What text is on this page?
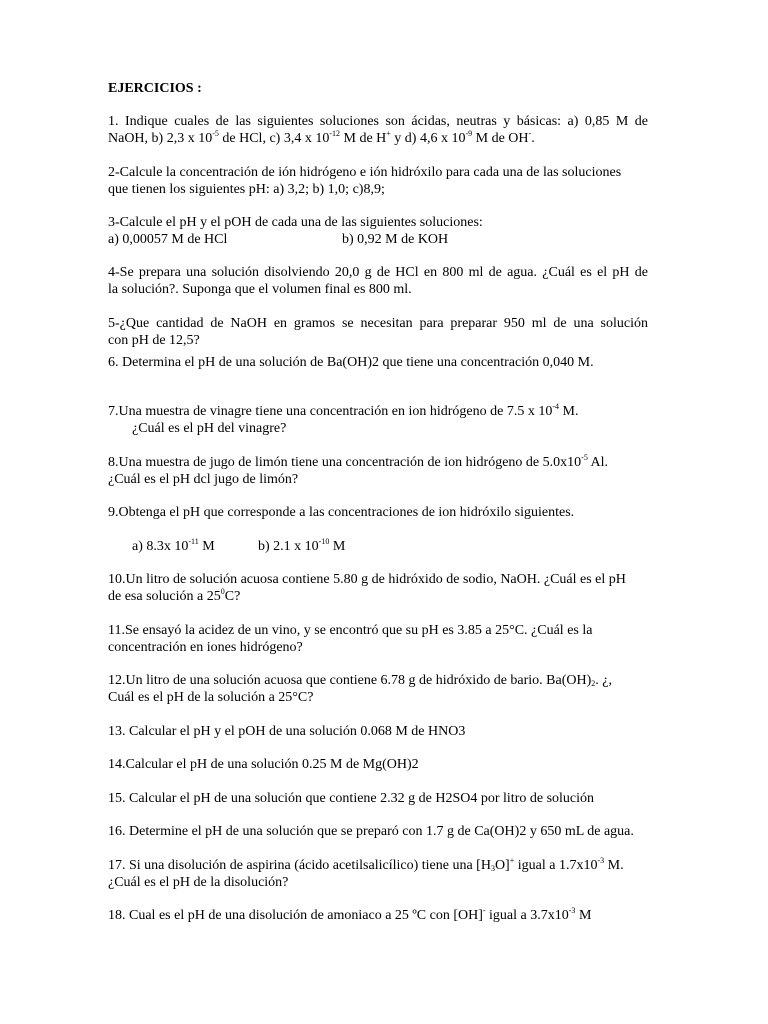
EJERCICIOS :

1. Indique cuales de las siguientes soluciones son ácidas, neutras y básicas: a) 0,85 M de
NaOH, b) 2,3 x $10^{-5}$ de HCl, c) 3,4 x $10^{-12}$ M de H+ y d) 4,6 x $10^{-9}$ M de OH-.
2-Calcule la concentración de ión hidrógeno e ión hidróxilo para cada una de las soluciones
que tienen los siguientes pH: a) 3,2; b) 1,0; c)8,9;
3-Calcule el pH y el pOH de cada una de las siguientes soluciones:
a) 0,00057 M de HCl	b) 0,92 M de KOH
4-Se prepara una solución disolviendo 20,0 g de HCl en 800 ml de agua. ¿Cuál es el pH de
la solución?. Suponga que el volumen final es 800 ml.
5-¿Que cantidad de NaOH en gramos se necesitan para preparar 950 ml de una solución
con pH de 12,5?

6. Determina el pH de una solución de Ba(OH)2 que tiene una concentración 0,040 M.

7.Una muestra de vinagre tiene una concentración en ion hidrógeno de 7.5 x $10^{-4}$ M.
¿Cuál es el pH del vinagre?
8.Una muestra de jugo de limón tiene una concentración de ion hidrógeno de $5.0x10^{-5}$ Al.
¿Cuál es el pH dcl jugo de limón?
9.Obtenga el pH que corresponde a las concentraciones de ion hidróxilo siguientes.
a) 8.3x $10^{-11}$ M	b) 2.1 x $10^{-10}$ M
10.Un litro de solución acuosa contiene 5.80 g de hidróxido de sodio, NaOH. ¿Cuál es el pH
de esa solución a $25^0C$?
11.Se ensayó la acidez de un vino, y se encontró que su pH es 3.85 a 25°C. ¿Cuál es la
concentración en iones hidrógeno?
12.Un litro de una solución acuosa que contiene 6.78 g de hidróxido de bario. $Ba(OH)_2$. ¿,
Cuál es el pH de la solución a 25°C?

13. Calcular el pH y el pOH de una solución 0.068 M de HNO3

14.Calcular el pH de una solución 0.25 M de Mg(OH)2

15. Calcular el pH de una solución que contiene 2.32 g de H2SO4 por litro de solución

16. Determine el pH de una solución que se preparó con 1.7 g de Ca(OH)2 y 650 mL de agua.

17. Si una disolución de aspirina (ácido acetilsalicílico) tiene una $[H_3O]^+$ igual a $1.7x10^{-3}$ M.
¿Cuál es el pH de la disolución?
18. Cual es el pH de una disolución de amoniaco a 25 ºC con [OH]- igual a $3.7x10^{-3}$ M
